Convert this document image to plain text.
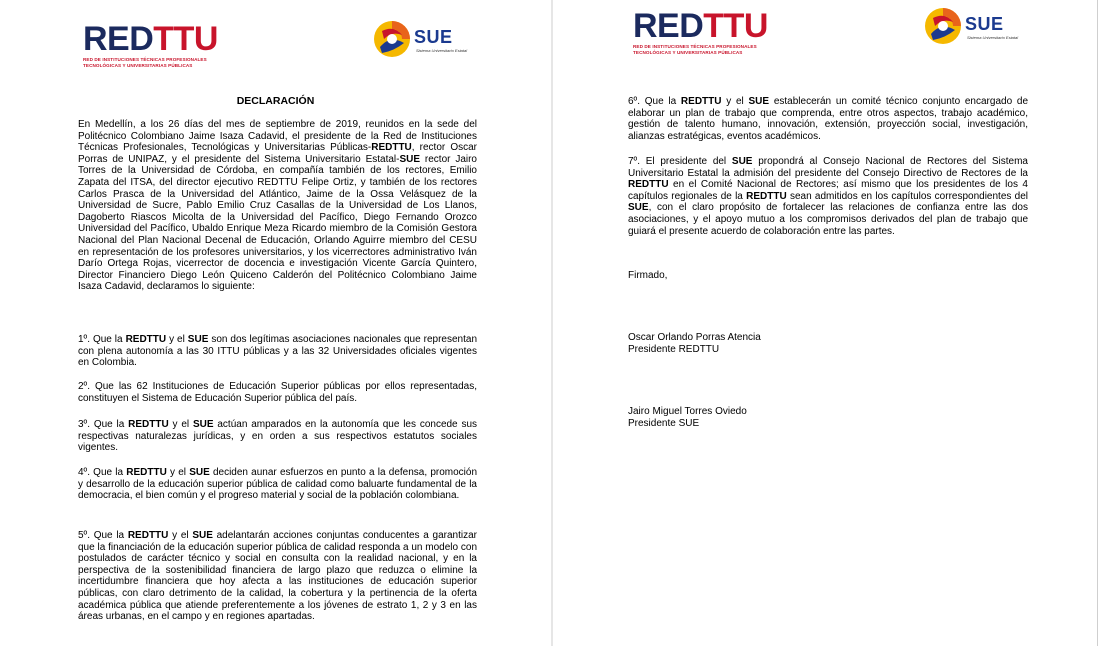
REDTTU
RED DE INSTITUCIONES TÉCNICAS PROFESIONALES
TECNOLÓGICAS Y UNIVERSITARIAS PÚBLICAS
SUE
Sistema Universitario Estatal
DECLARACIÓN
En Medellín, a los 26 días del mes de septiembre de 2019, reunidos en la sede del Politécnico Colombiano Jaime Isaza Cadavid, el presidente de la Red de Instituciones Técnicas Profesionales, Tecnológicas y Universitarias Públicas-REDTTU, rector Oscar Porras de UNIPAZ, y el presidente del Sistema Universitario Estatal-SUE rector Jairo Torres de la Universidad de Córdoba, en compañía también de los rectores, Emilio Zapata del ITSA, del director ejecutivo REDTTU Felipe Ortiz, y también de los rectores Carlos Prasca de la Universidad del Atlántico, Jaime de la Ossa Velásquez de la Universidad de Sucre, Pablo Emilio Cruz Casallas de la Universidad de Los Llanos, Dagoberto Riascos Micolta de la Universidad del Pacífico, Diego Fernando Orozco Universidad del Pacífico, Ubaldo Enrique Meza Ricardo miembro de la Comisión Gestora Nacional del Plan Nacional Decenal de Educación, Orlando Aguirre miembro del CESU en representación de los profesores universitarios, y los vicerrectores administrativo Iván Darío Ortega Rojas, vicerrector de docencia e investigación Vicente García Quintero, Director Financiero Diego León Quiceno Calderón del Politécnico Colombiano Jaime Isaza Cadavid, declaramos lo siguiente:
1º. Que la REDTTU y el SUE son dos legítimas asociaciones nacionales que representan con plena autonomía a las 30 ITTU públicas y a las 32 Universidades oficiales vigentes en Colombia.
2º. Que las 62 Instituciones de Educación Superior públicas por ellos representadas, constituyen el Sistema de Educación Superior pública del país.
3º. Que la REDTTU y el SUE actúan amparados en la autonomía que les concede sus respectivas naturalezas jurídicas, y en orden a sus respectivos estatutos sociales vigentes.
4º. Que la REDTTU y el SUE deciden aunar esfuerzos en punto a la defensa, promoción y desarrollo de la educación superior pública de calidad como baluarte fundamental de la democracia, el bien común y el progreso material y social de la población colombiana.
5º. Que la REDTTU y el SUE adelantarán acciones conjuntas conducentes a garantizar que la financiación de la educación superior pública de calidad responda a un modelo con postulados de carácter técnico y social en consulta con la realidad nacional, y en la perspectiva de la sostenibilidad financiera de largo plazo que reduzca o elimine la incertidumbre financiera que hoy afecta a las instituciones de educación superior públicas, con claro detrimento de la calidad, la cobertura y la pertinencia de la oferta académica pública que atiende preferentemente a los jóvenes de estrato 1, 2 y 3 en las áreas urbanas, en el campo y en regiones apartadas.
REDTTU
RED DE INSTITUCIONES TÉCNICAS PROFESIONALES
TECNOLÓGICAS Y UNIVERSITARIAS PÚBLICAS
SUE
Sistema Universitario Estatal
6º. Que la REDTTU y el SUE establecerán un comité técnico conjunto encargado de elaborar un plan de trabajo que comprenda, entre otros aspectos, trabajo académico, gestión de talento humano, innovación, extensión, proyección social, investigación, alianzas estratégicas, eventos académicos.
7º. El presidente del SUE propondrá al Consejo Nacional de Rectores del Sistema Universitario Estatal la admisión del presidente del Consejo Directivo de Rectores de la REDTTU en el Comité Nacional de Rectores; así mismo que los presidentes de los 4 capítulos regionales de la REDTTU sean admitidos en los capítulos correspondientes del SUE, con el claro propósito de fortalecer las relaciones de confianza entre las dos asociaciones, y el apoyo mutuo a los compromisos derivados del plan de trabajo que guiará el presente acuerdo de colaboración entre las partes.
Firmado,
Oscar Orlando Porras Atencia
Presidente REDTTU
Jairo Miguel Torres Oviedo
Presidente SUE
